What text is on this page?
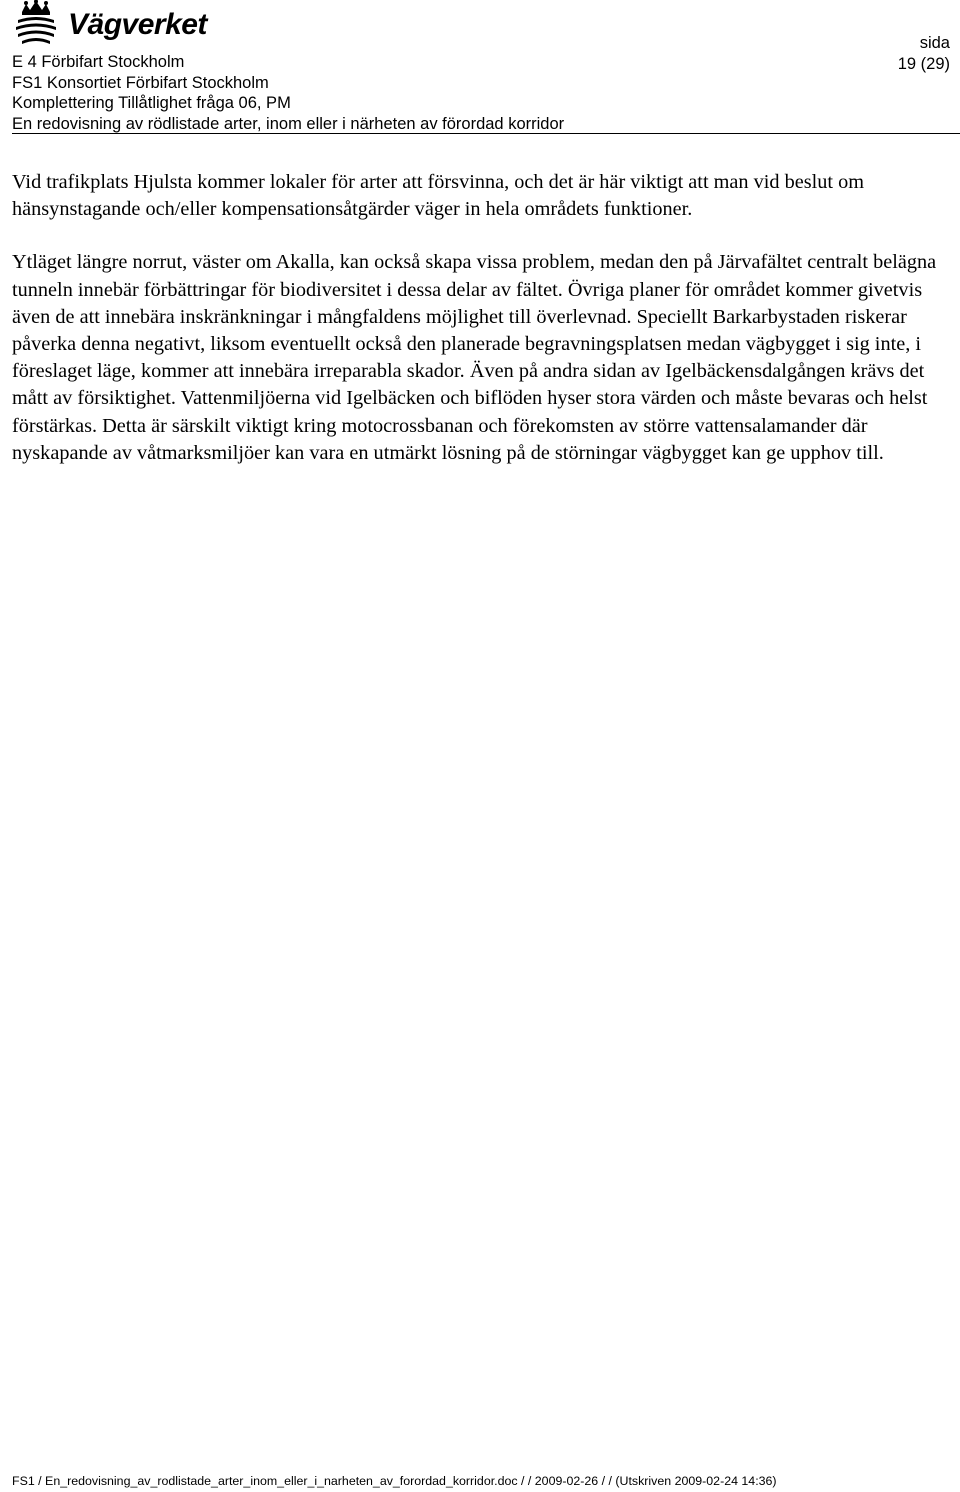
Vägverket
sida
19 (29)
E 4 Förbifart Stockholm
FS1 Konsortiet Förbifart Stockholm
Komplettering Tillåtlighet fråga 06, PM
En redovisning av rödlistade arter, inom eller i närheten av förordad korridor

Vid trafikplats Hjulsta kommer lokaler för arter att försvinna, och det är här viktigt att man vid beslut om hänsynstagande och/eller kompensationsåtgärder väger in hela områdets funktioner.

Ytläget längre norrut, väster om Akalla, kan också skapa vissa problem, medan den på Järvafältet centralt belägna tunneln innebär förbättringar för biodiversitet i dessa delar av fältet. Övriga planer för området kommer givetvis även de att innebära inskränkningar i mångfaldens möjlighet till överlevnad. Speciellt Barkarbystaden riskerar påverka denna negativt, liksom eventuellt också den planerade begravningsplatsen medan vägbygget i sig inte, i föreslaget läge, kommer att innebära irreparabla skador. Även på andra sidan av Igelbäckensdalgången krävs det mått av försiktighet. Vattenmiljöerna vid Igelbäcken och biflöden hyser stora värden och måste bevaras och helst förstärkas. Detta är särskilt viktigt kring motocrossbanan och förekomsten av större vattensalamander där nyskapande av våtmarksmiljöer kan vara en utmärkt lösning på de störningar vägbygget kan ge upphov till.

FS1 / En_redovisning_av_rodlistade_arter_inom_eller_i_narheten_av_forordad_korridor.doc / / 2009-02-26 / / (Utskriven 2009-02-24 14:36)
